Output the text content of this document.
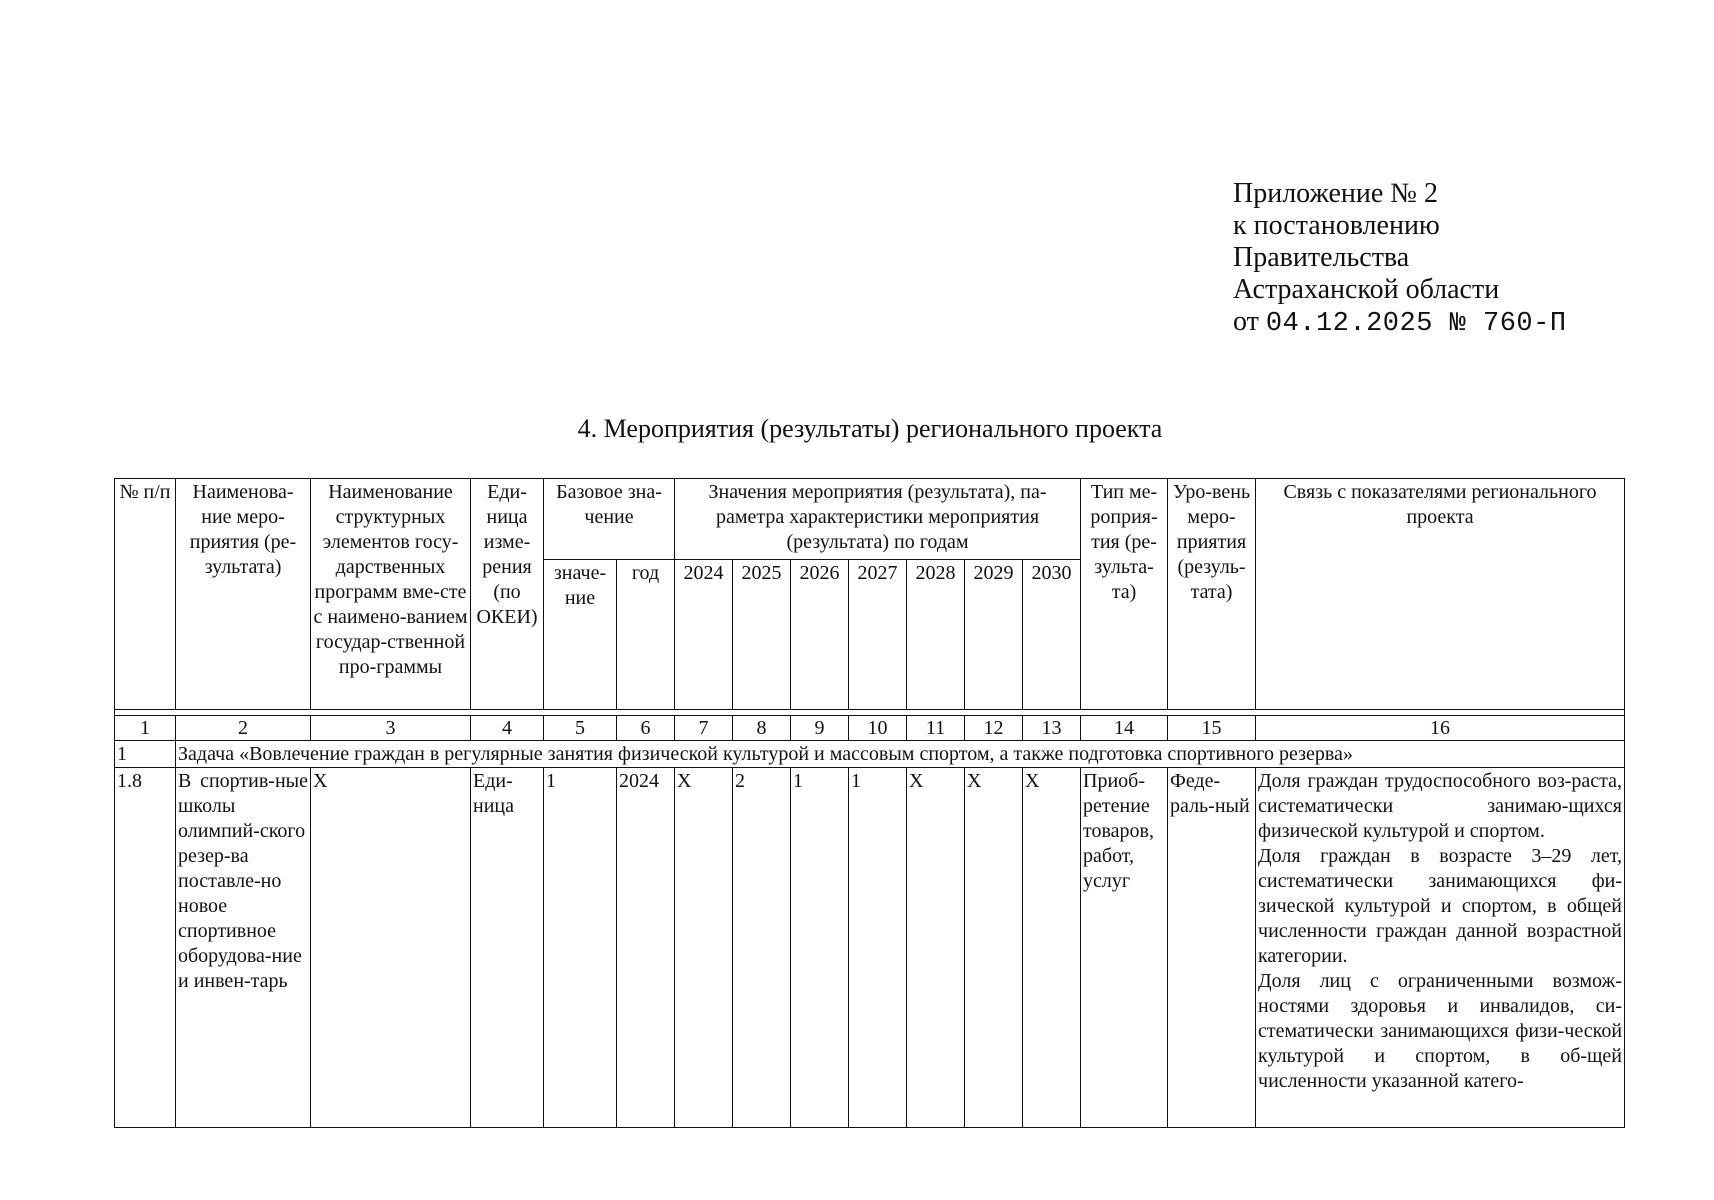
Приложение № 2
к постановлению
Правительства
Астраханской области
от 04.12.2025 № 760-П
4. Мероприятия (результаты) регионального проекта
№ п/п	Наименова-ние меро-приятия (ре-зультата)	Наименование структурных элементов госу-дарственных программ вме-сте с наимено-ванием государ-ственной про-граммы	Еди-ница изме-рения (по ОКЕИ)	Базовое зна-чение		Значения мероприятия (результата), па-раметра характеристики мероприятия (результата) по годам							Тип ме-роприя-тия (ре-зульта-та)	Уро-вень меро-приятия (резуль-тата)	Связь с показателями регионального проекта
				значе-ние	год	2024	2025	2026	2027	2028	2029	2030			

1	2	3	4	5	6	7	8	9	10	11	12	13	14	15	16
1	Задача «Вовлечение граждан в регулярные занятия физической культурой и массовым спортом, а также подготовка спортивного резерва»														
1.8	В спортив-ные школы олимпий-ского резер-ва поставле-но новое спортивное оборудова-ние и инвен-тарь	X	Еди-ница	1	2024	X	2	1	1	X	X	X	Приоб-ретение товаров, работ, услуг	Феде-раль-ный	Доля граждан трудоспособного воз-раста, систематически занимаю-щихся физической культурой и спортом.

Доля граждан в возрасте 3–29 лет, систематически занимающихся фи-зической культурой и спортом, в общей численности граждан данной возрастной категории.

Доля лиц с ограниченными возмож-ностями здоровья и инвалидов, си-стематически занимающихся физи-ческой культурой и спортом, в об-щей численности указанной катего-
